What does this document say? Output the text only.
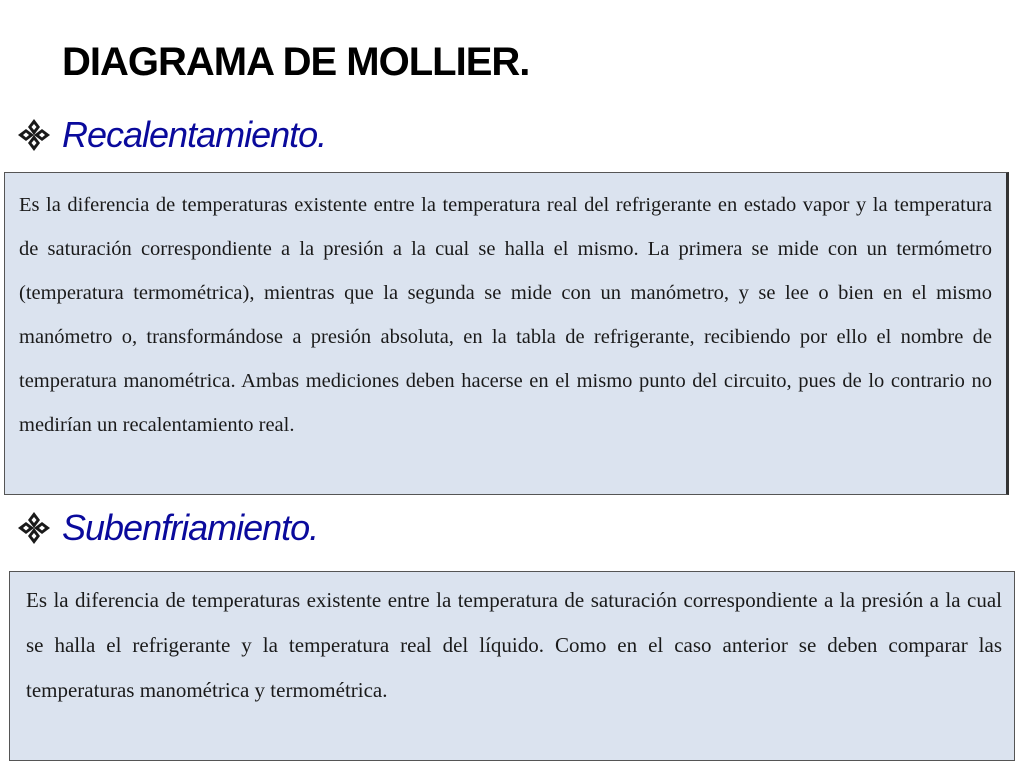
DIAGRAMA DE MOLLIER.
Recalentamiento.
Es la diferencia de temperaturas existente entre la temperatura real del refrigerante en estado vapor y la temperatura de saturación correspondiente a la presión a la cual se halla el mismo. La primera se mide con un termómetro (temperatura termométrica), mientras que la segunda se mide con un manómetro, y se lee o bien en el mismo manómetro o, transformándose a presión absoluta, en la tabla de refrigerante, recibiendo por ello el nombre de temperatura manométrica. Ambas mediciones deben hacerse en el mismo punto del circuito, pues de lo contrario no medirían un recalentamiento real.
Subenfriamiento.
Es la diferencia de temperaturas existente entre la temperatura de saturación correspondiente a la presión a la cual se halla el refrigerante y la temperatura real del líquido. Como en el caso anterior se deben comparar las temperaturas manométrica y termométrica.
